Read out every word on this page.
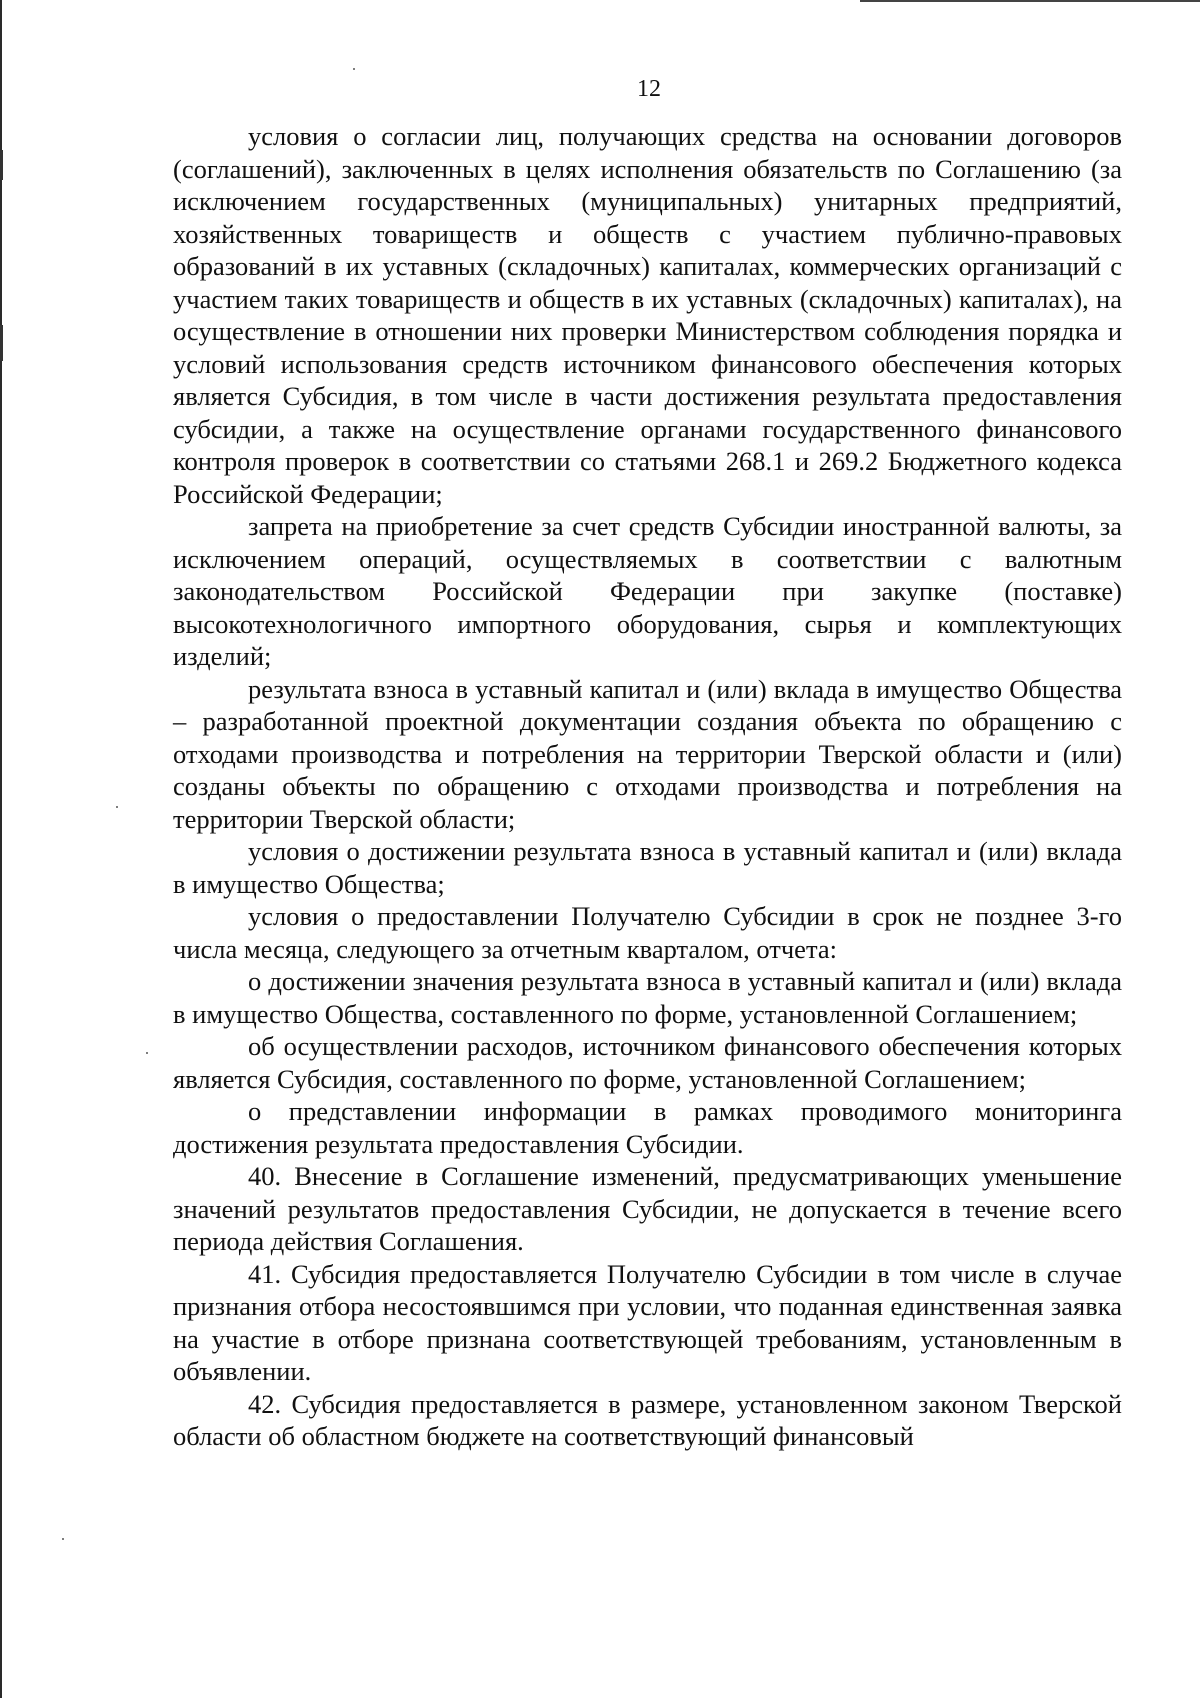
12

условия о согласии лиц, получающих средства на основании договоров (соглашений), заключенных в целях исполнения обязательств по Соглашению (за исключением государственных (муниципальных) унитарных предприятий, хозяйственных товариществ и обществ с участием публично-правовых образований в их уставных (складочных) капиталах, коммерческих организаций с участием таких товариществ и обществ в их уставных (складочных) капиталах), на осуществление в отношении них проверки Министерством соблюдения порядка и условий использования средств источником финансового обеспечения которых является Субсидия, в том числе в части достижения результата предоставления субсидии, а также на осуществление органами государственного финансового контроля проверок в соответствии со статьями 268.1 и 269.2 Бюджетного кодекса Российской Федерации;

запрета на приобретение за счет средств Субсидии иностранной валюты, за исключением операций, осуществляемых в соответствии с валютным законодательством Российской Федерации при закупке (поставке) высокотехнологичного импортного оборудования, сырья и комплектующих изделий;

результата взноса в уставный капитал и (или) вклада в имущество Общества – разработанной проектной документации создания объекта по обращению с отходами производства и потребления на территории Тверской области и (или) созданы объекты по обращению с отходами производства и потребления на территории Тверской области;

условия о достижении результата взноса в уставный капитал и (или) вклада в имущество Общества;

условия о предоставлении Получателю Субсидии в срок не позднее 3-го числа месяца, следующего за отчетным кварталом, отчета:

о достижении значения результата взноса в уставный капитал и (или) вклада в имущество Общества, составленного по форме, установленной Соглашением;

об осуществлении расходов, источником финансового обеспечения которых является Субсидия, составленного по форме, установленной Соглашением;

о представлении информации в рамках проводимого мониторинга достижения результата предоставления Субсидии.

40. Внесение в Соглашение изменений, предусматривающих уменьшение значений результатов предоставления Субсидии, не допускается в течение всего периода действия Соглашения.

41. Субсидия предоставляется Получателю Субсидии в том числе в случае признания отбора несостоявшимся при условии, что поданная единственная заявка на участие в отборе признана соответствующей требованиям, установленным в объявлении.

42. Субсидия предоставляется в размере, установленном законом Тверской области об областном бюджете на соответствующий финансовый
